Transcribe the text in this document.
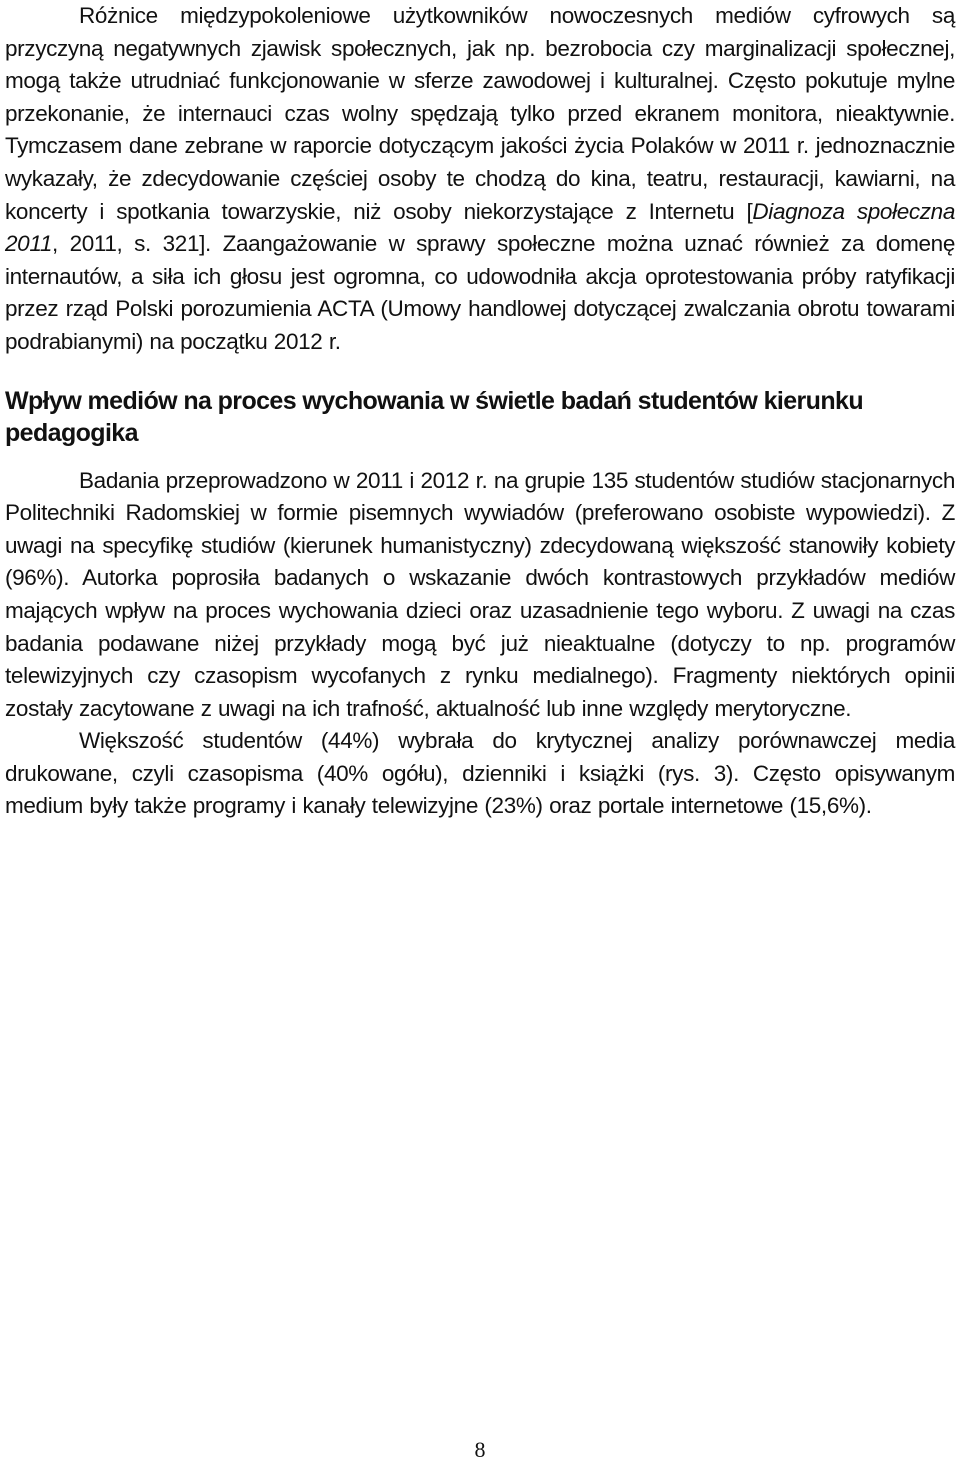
Różnice międzypokoleniowe użytkowników nowoczesnych mediów cyfrowych są przyczyną negatywnych zjawisk społecznych, jak np. bezrobocia czy marginalizacji społecznej, mogą także utrudniać funkcjonowanie w sferze zawodowej i kulturalnej. Często pokutuje mylne przekonanie, że internauci czas wolny spędzają tylko przed ekranem monitora, nieaktywnie. Tymczasem dane zebrane w raporcie dotyczącym jakości życia Polaków w 2011 r. jednoznacznie wykazały, że zdecydowanie częściej osoby te chodzą do kina, teatru, restauracji, kawiarni, na koncerty i spotkania towarzyskie, niż osoby niekorzystające z Internetu [Diagnoza społeczna 2011, 2011, s. 321]. Zaangażowanie w sprawy społeczne można uznać również za domenę internautów, a siła ich głosu jest ogromna, co udowodniła akcja oprotestowania próby ratyfikacji przez rząd Polski porozumienia ACTA (Umowy handlowej dotyczącej zwalczania obrotu towarami podrabianymi) na początku 2012 r.

Wpływ mediów na proces wychowania w świetle badań studentów kierunku pedagogika

Badania przeprowadzono w 2011 i 2012 r. na grupie 135 studentów studiów stacjonarnych Politechniki Radomskiej w formie pisemnych wywiadów (preferowano osobiste wypowiedzi). Z uwagi na specyfikę studiów (kierunek humanistyczny) zdecydowaną większość stanowiły kobiety (96%). Autorka poprosiła badanych o wskazanie dwóch kontrastowych przykładów mediów mających wpływ na proces wychowania dzieci oraz uzasadnienie tego wyboru. Z uwagi na czas badania podawane niżej przykłady mogą być już nieaktualne (dotyczy to np. programów telewizyjnych czy czasopism wycofanych z rynku medialnego). Fragmenty niektórych opinii zostały zacytowane z uwagi na ich trafność, aktualność lub inne względy merytoryczne.

Większość studentów (44%) wybrała do krytycznej analizy porównawczej media drukowane, czyli czasopisma (40% ogółu), dzienniki i książki (rys. 3). Często opisywanym medium były także programy i kanały telewizyjne (23%) oraz portale internetowe (15,6%).

8
